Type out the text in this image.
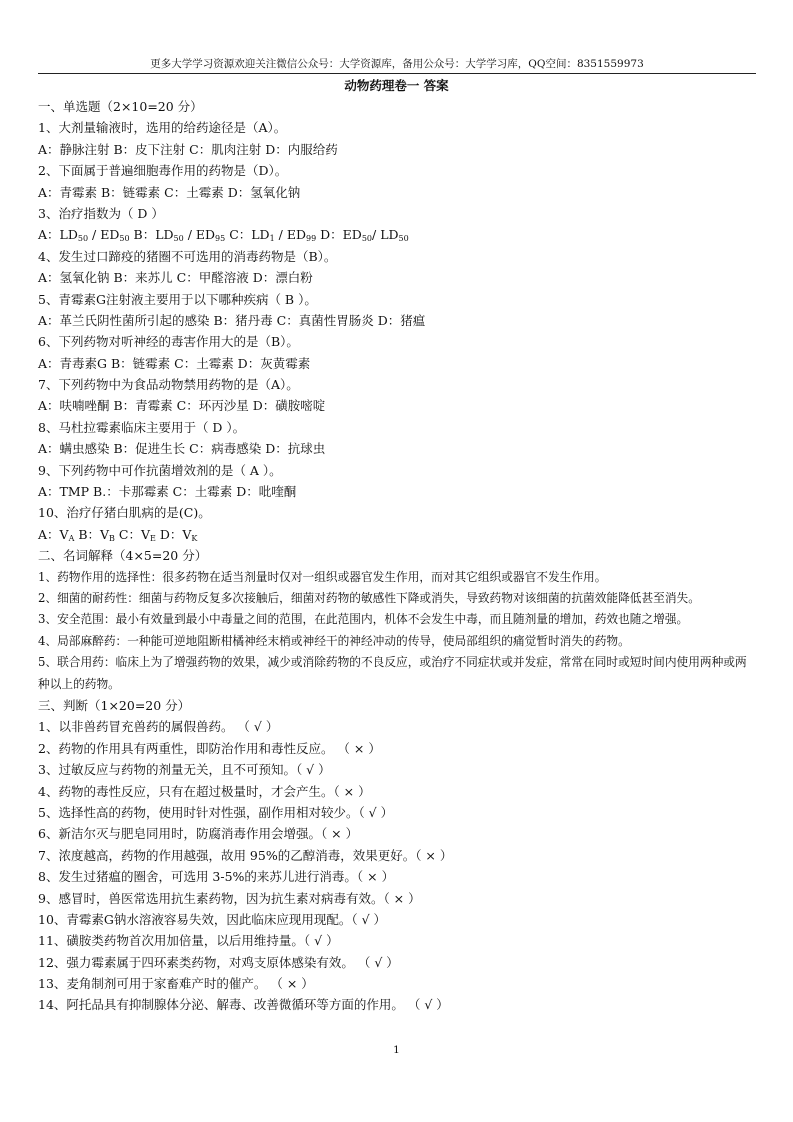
更多大学学习资源欢迎关注微信公众号：大学资源库，备用公众号：大学学习库，QQ空间：8351559973
动物药理卷一 答案
一、单选题（2×10=20 分）
1、大剂量输液时，选用的给药途径是（A）。
A：静脉注射 B：皮下注射 C：肌肉注射 D：内服给药
2、下面属于普遍细胞毒作用的药物是（D）。
A：青霉素 B：链霉素 C：土霉素 D：氢氧化钠
3、治疗指数为（ D ）
A：$LD_{50} / ED_{50}$ B：$LD_{50} / ED_{95}$ C：$LD_1 / ED_{99}$ D：$ED_{50}/$ $LD_{50}$
4、发生过口蹄疫的猪圈不可选用的消毒药物是（B）。
A：氢氧化钠 B：来苏儿 C：甲醛溶液 D：漂白粉
5、青霉素G注射液主要用于以下哪种疾病（ B ）。
A：革兰氏阴性菌所引起的感染 B：猪丹毒 C：真菌性胃肠炎 D：猪瘟
6、下列药物对听神经的毒害作用大的是（B）。
A：青毒素G B：链霉素 C：土霉素 D：灰黄霉素
7、下列药物中为食品动物禁用药物的是（A）。
A：呋喃唑酮 B：青霉素 C：环丙沙星 D：磺胺嘧啶
8、马杜拉霉素临床主要用于（ D ）。
A：螨虫感染 B：促进生长 C：病毒感染 D：抗球虫
9、下列药物中可作抗菌增效剂的是（ A ）。
A：TMP B.：卡那霉素 C：土霉素 D：吡喹酮
10、治疗仔猪白肌病的是(C)。
A：$V_A$ B：$V_B$ C：$V_E$ D：$V_K$
二、名词解释（4×5=20 分）
1、药物作用的选择性：很多药物在适当剂量时仅对一组织或器官发生作用，而对其它组织或器官不发生作用。
2、细菌的耐药性：细菌与药物反复多次接触后，细菌对药物的敏感性下降或消失，导致药物对该细菌的抗菌效能降低甚至消失。
3、安全范围：最小有效量到最小中毒量之间的范围，在此范围内，机体不会发生中毒，而且随剂量的增加，药效也随之增强。
4、局部麻醉药：一种能可逆地阻断柑橘神经末梢或神经干的神经冲动的传导，使局部组织的痛觉暂时消失的药物。
5、联合用药：临床上为了增强药物的效果，减少或消除药物的不良反应，或治疗不同症状或并发症，常常在同时或短时间内使用两种或两种以上的药物。
三、判断（1×20=20 分）
1、以非兽药冒充兽药的属假兽药。 （ √ ）
2、药物的作用具有两重性，即防治作用和毒性反应。 （ × ）
3、过敏反应与药物的剂量无关，且不可预知。（ √ ）
4、药物的毒性反应，只有在超过极量时，才会产生。（ × ）
5、选择性高的药物，使用时针对性强，副作用相对较少。（ √ ）
6、新洁尔灭与肥皂同用时，防腐消毒作用会增强。（ × ）
7、浓度越高，药物的作用越强，故用 95%的乙醇消毒，效果更好。（ × ）
8、发生过猪瘟的圈舍，可选用 3-5%的来苏儿进行消毒。（ × ）
9、感冒时，兽医常选用抗生素药物，因为抗生素对病毒有效。（ × ）
10、青霉素G钠水溶液容易失效，因此临床应现用现配。（ √ ）
11、磺胺类药物首次用加倍量，以后用维持量。（ √ ）
12、强力霉素属于四环素类药物，对鸡支原体感染有效。 （ √ ）
13、麦角制剂可用于家畜难产时的催产。 （ × ）
14、阿托品具有抑制腺体分泌、解毒、改善微循环等方面的作用。 （ √ ）
1
